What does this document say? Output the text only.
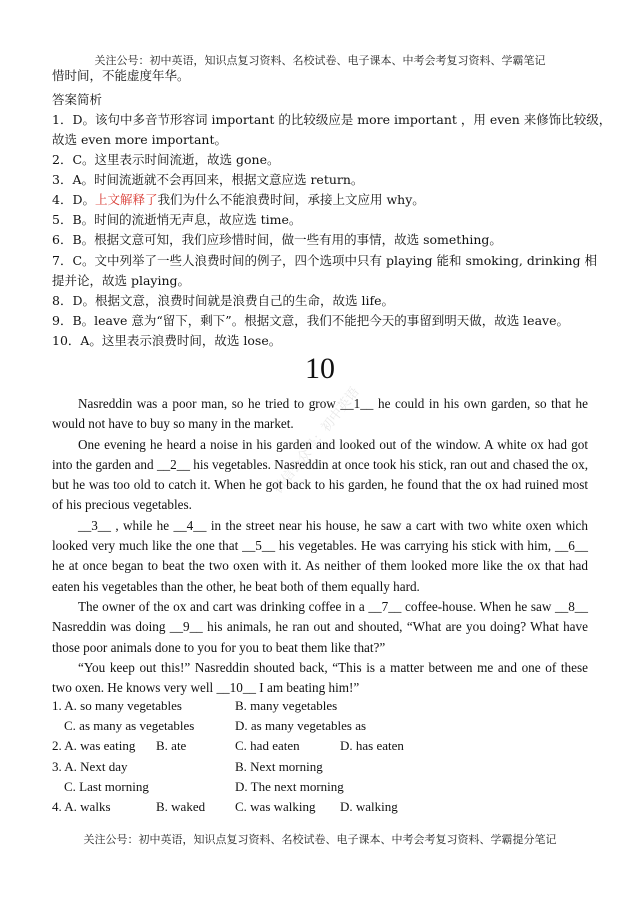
关注公号：初中英语，知识点复习资料、名校试卷、电子课本、中考会考复习资料、学霸笔记
惜时间，不能虚度年华。
答案简析
1．D。该句中多音节形容词 important 的比较级应是 more important ，用 even 来修饰比较级，
故选 even more important。
2．C。这里表示时间流逝，故选 gone。
3．A。时间流逝就不会再回来，根据文意应选 return。
4．D。上文解释了我们为什么不能浪费时间，承接上文应用 why。
5．B。时间的流逝悄无声息，故应选 time。
6．B。根据文意可知，我们应珍惜时间，做一些有用的事情，故选 something。
7．C。文中列举了一些人浪费时间的例子，四个选项中只有 playing 能和 smoking, drinking 相
提并论，故选 playing。
8．D。根据文意，浪费时间就是浪费自己的生命，故选 life。
9．B。leave 意为“留下，剩下”。根据文意，我们不能把今天的事留到明天做，故选 leave。
10．A。这里表示浪费时间，故选 lose。
10
微信公众号：初中英语

Nasreddin was a poor man, so he tried to grow __1__ he could in his own garden, so that he would not have to buy so many in the market.

One evening he heard a noise in his garden and looked out of the window. A white ox had got into the garden and __2__ his vegetables. Nasreddin at once took his stick, ran out and chased the ox, but he was too old to catch it. When he got back to his garden, he found that the ox had ruined most of his precious vegetables.

__3__ , while he __4__ in the street near his house, he saw a cart with two white oxen which looked very much like the one that __5__ his vegetables. He was carrying his stick with him, __6__ he at once began to beat the two oxen with it. As neither of them looked more like the ox that had eaten his vegetables than the other, he beat both of them equally hard.

The owner of the ox and cart was drinking coffee in a __7__ coffee-house. When he saw __8__ Nasreddin was doing __9__ his animals, he ran out and shouted, “What are you doing? What have those poor animals done to you for you to beat them like that?”

“You keep out this!” Nasreddin shouted back, “This is a matter between me and one of these two oxen. He knows very well __10__ I am beating him!”

1. A. so many vegetables	B. many vegetables
C. as many as vegetables	D. as many vegetables as
2. A. was eating B. ate	C. had eaten	D. has eaten
3. A. Next day	B. Next morning
C. Last morning	D. The next morning
4. A. walks	B. waked C. was walking D. walking
关注公号：初中英语，知识点复习资料、名校试卷、电子课本、中考会考复习资料、学霸提分笔记
